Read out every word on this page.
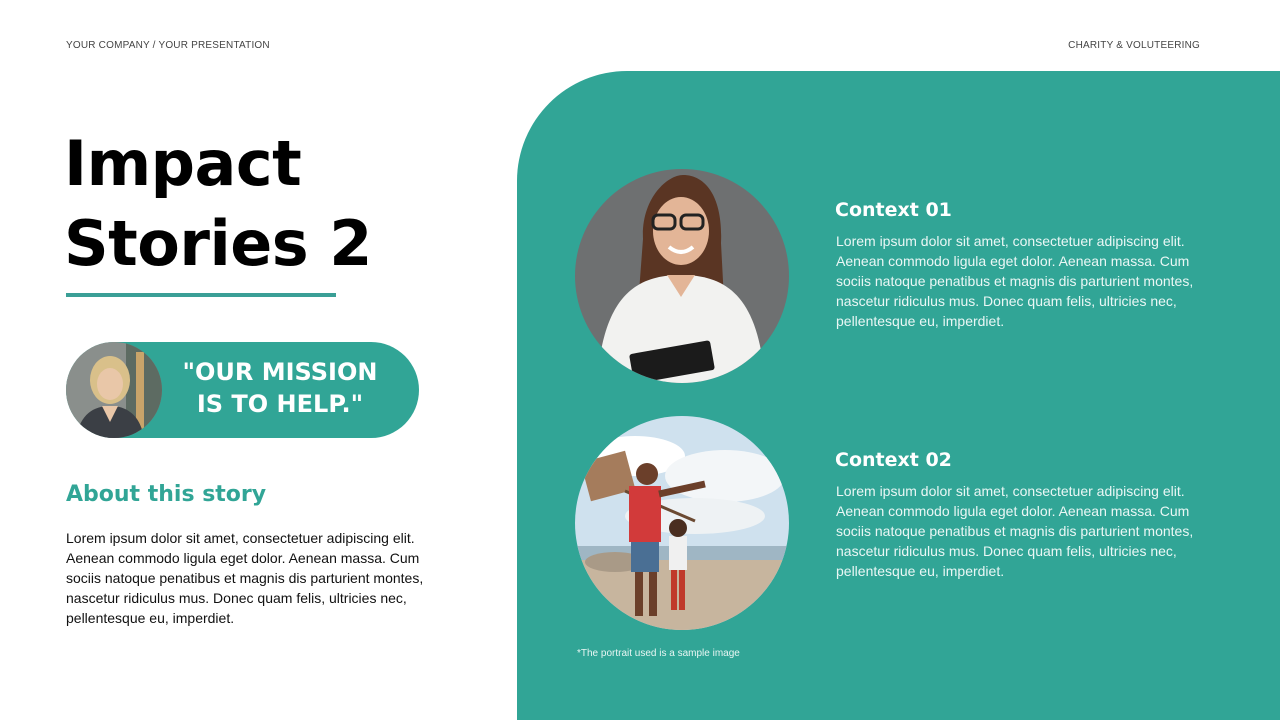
YOUR COMPANY / YOUR PRESENTATION	CHARITY & VOLUTEERING
Impact
Stories 2
"OUR MISSION
IS TO HELP."
About this story
Lorem ipsum dolor sit amet, consectetuer adipiscing elit. Aenean commodo ligula eget dolor. Aenean massa. Cum sociis natoque penatibus et magnis dis parturient montes, nascetur ridiculus mus. Donec quam felis, ultricies nec, pellentesque eu, imperdiet.
Context 01
Lorem ipsum dolor sit amet, consectetuer adipiscing elit. Aenean commodo ligula eget dolor. Aenean massa. Cum sociis natoque penatibus et magnis dis parturient montes, nascetur ridiculus mus. Donec quam felis, ultricies nec, pellentesque eu, imperdiet.
Context 02
Lorem ipsum dolor sit amet, consectetuer adipiscing elit. Aenean commodo ligula eget dolor. Aenean massa. Cum sociis natoque penatibus et magnis dis parturient montes, nascetur ridiculus mus. Donec quam felis, ultricies nec, pellentesque eu, imperdiet.
*The portrait used is a sample image
